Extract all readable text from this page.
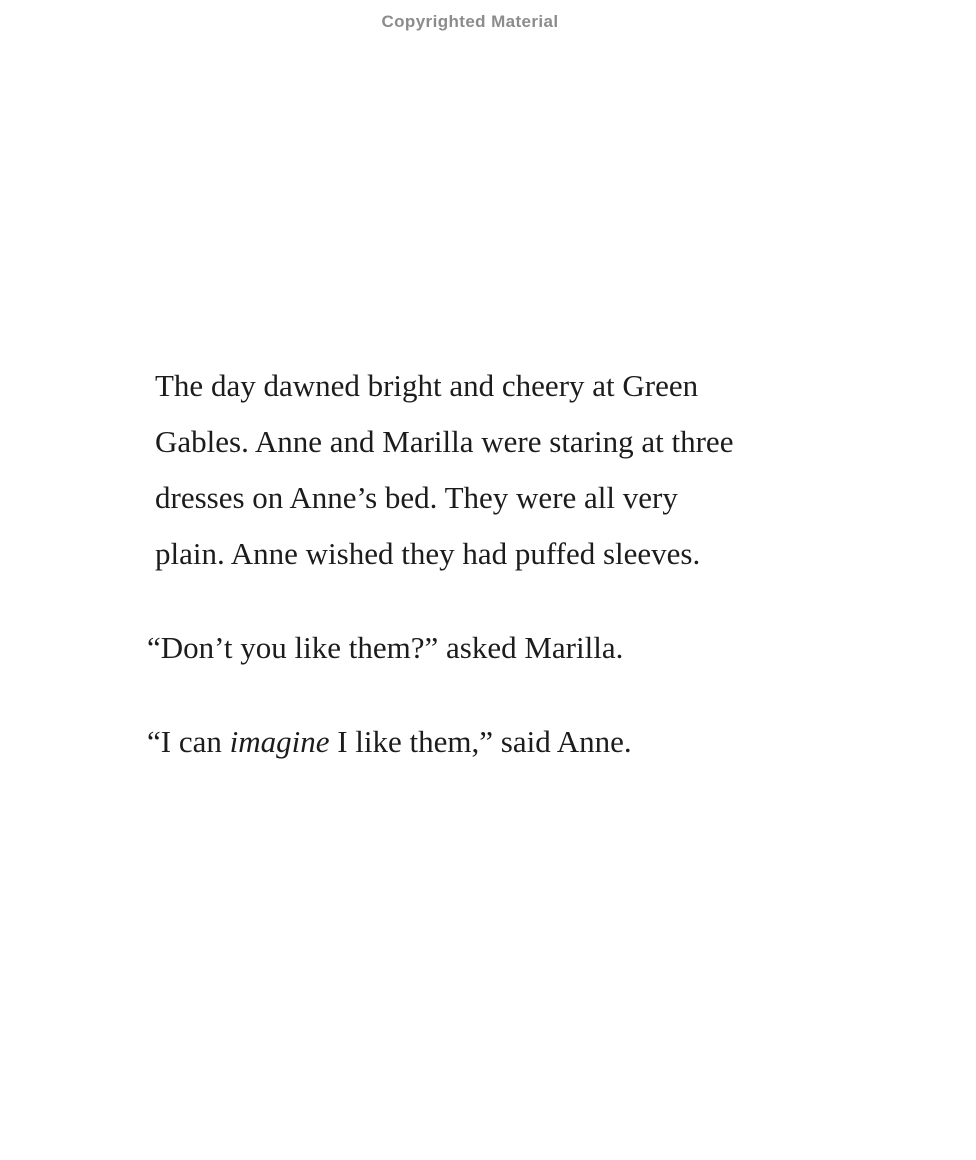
Copyrighted Material
The day dawned bright and cheery at Green
Gables. Anne and Marilla were staring at three
dresses on Anne’s bed. They were all very
plain. Anne wished they had puffed sleeves.
“Don’t you like them?” asked Marilla.
“I can imagine I like them,” said Anne.
